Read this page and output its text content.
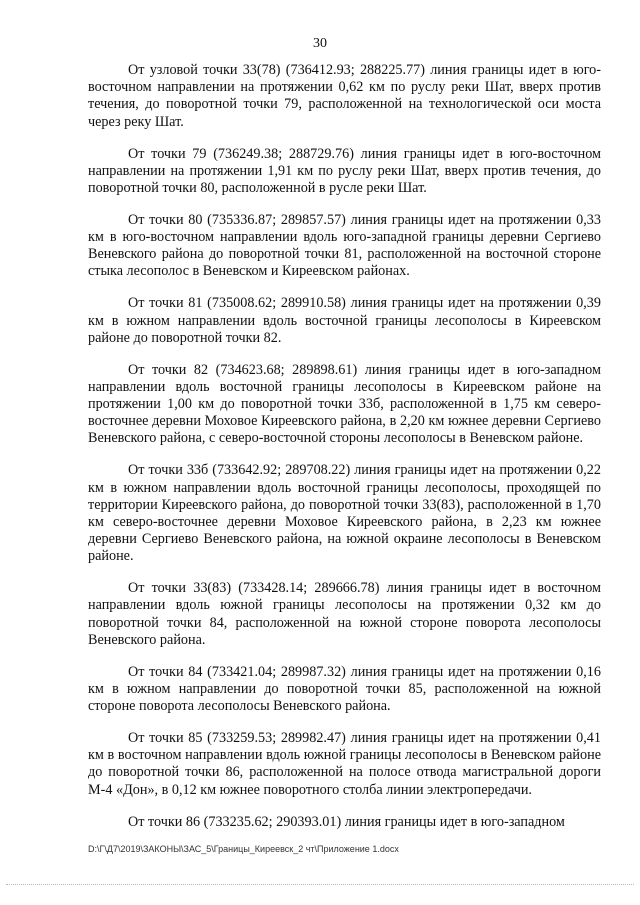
30

От узловой точки 33(78) (736412.93; 288225.77) линия границы идет в юго-восточном направлении на протяжении 0,62 км по руслу реки Шат, вверх против течения, до поворотной точки 79, расположенной на технологической оси моста через реку Шат.

От точки 79 (736249.38; 288729.76) линия границы идет в юго-восточном направлении на протяжении 1,91 км по руслу реки Шат, вверх против течения, до поворотной точки 80, расположенной в русле реки Шат.

От точки 80 (735336.87; 289857.57) линия границы идет на протяжении 0,33 км в юго-восточном направлении вдоль юго-западной границы деревни Сергиево Веневского района до поворотной точки 81, расположенной на восточной стороне стыка лесополос в Веневском и Киреевском районах.

От точки 81 (735008.62; 289910.58) линия границы идет на протяжении 0,39 км в южном направлении вдоль восточной границы лесополосы в Киреевском районе до поворотной точки 82.

От точки 82 (734623.68; 289898.61) линия границы идет в юго-западном направлении вдоль восточной границы лесополосы в Киреевском районе на протяжении 1,00 км до поворотной точки 33б, расположенной в 1,75 км северо-восточнее деревни Моховое Киреевского района, в 2,20 км южнее деревни Сергиево Веневского района, с северо-восточной стороны лесополосы в Веневском районе.

От точки 33б (733642.92; 289708.22) линия границы идет на протяжении 0,22 км в южном направлении вдоль восточной границы лесополосы, проходящей по территории Киреевского района, до поворотной точки 33(83), расположенной в 1,70 км северо-восточнее деревни Моховое Киреевского района, в 2,23 км южнее деревни Сергиево Веневского района, на южной окраине лесополосы в Веневском районе.

От точки 33(83) (733428.14; 289666.78) линия границы идет в восточном направлении вдоль южной границы лесополосы на протяжении 0,32 км до поворотной точки 84, расположенной на южной стороне поворота лесополосы Веневского района.

От точки 84 (733421.04; 289987.32) линия границы идет на протяжении 0,16 км в южном направлении до поворотной точки 85, расположенной на южной стороне поворота лесополосы Веневского района.

От точки 85 (733259.53; 289982.47) линия границы идет на протяжении 0,41 км в восточном направлении вдоль южной границы лесополосы в Веневском районе до поворотной точки 86, расположенной на полосе отвода магистральной дороги М-4 «Дон», в 0,12 км южнее поворотного столба линии электропередачи.

От точки 86 (733235.62; 290393.01) линия границы идет в юго-западном

D:\Г\Д7\2019\ЗАКОНЫ\ЗАС_5\Границы_Киреевск_2 чт\Приложение 1.docx
